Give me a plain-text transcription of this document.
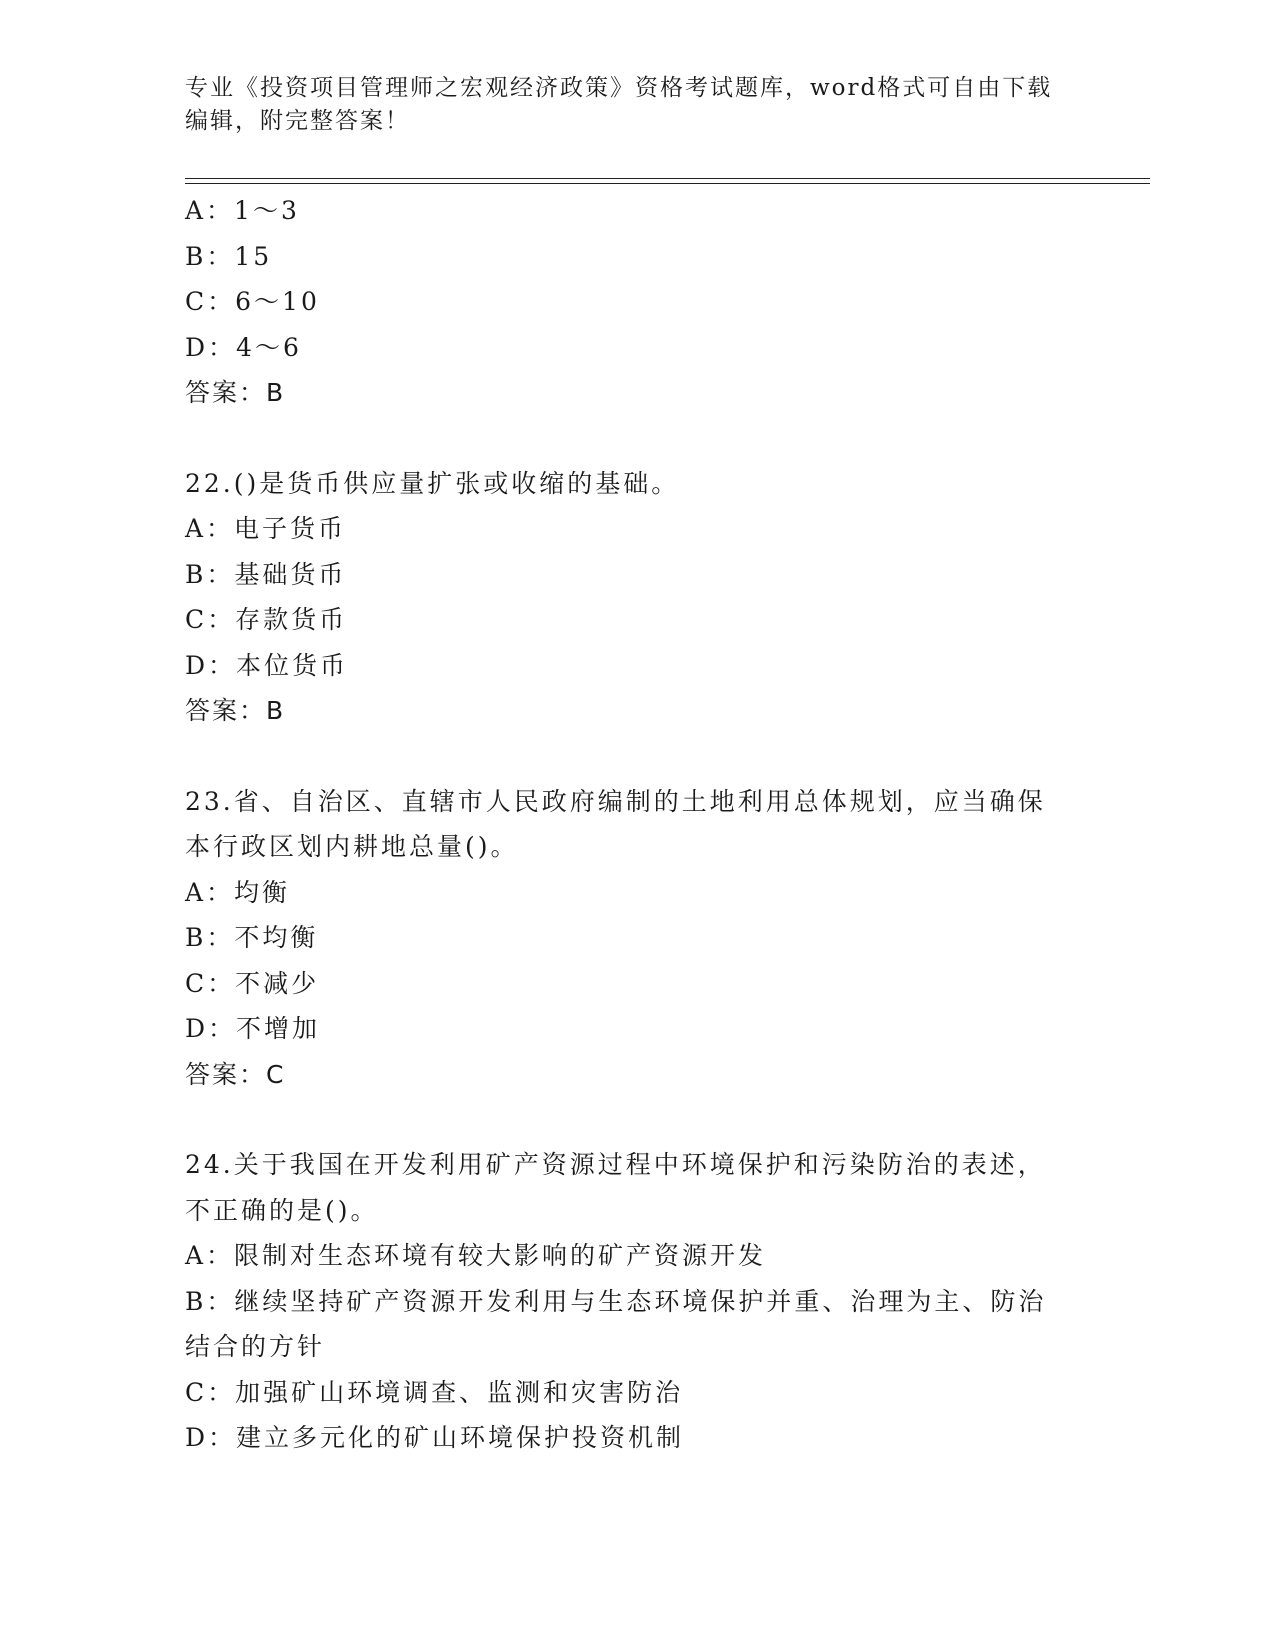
专业《投资项目管理师之宏观经济政策》资格考试题库，word格式可自由下载编辑，附完整答案！
A：1～3
B：15
C：6～10
D：4～6
答案：B
22.()是货币供应量扩张或收缩的基础。
A：电子货币
B：基础货币
C：存款货币
D：本位货币
答案：B
23.省、自治区、直辖市人民政府编制的土地利用总体规划，应当确保
本行政区划内耕地总量()。
A：均衡
B：不均衡
C：不减少
D：不增加
答案：C
24.关于我国在开发利用矿产资源过程中环境保护和污染防治的表述，
不正确的是()。
A：限制对生态环境有较大影响的矿产资源开发
B：继续坚持矿产资源开发利用与生态环境保护并重、治理为主、防治
结合的方针
C：加强矿山环境调查、监测和灾害防治
D：建立多元化的矿山环境保护投资机制
